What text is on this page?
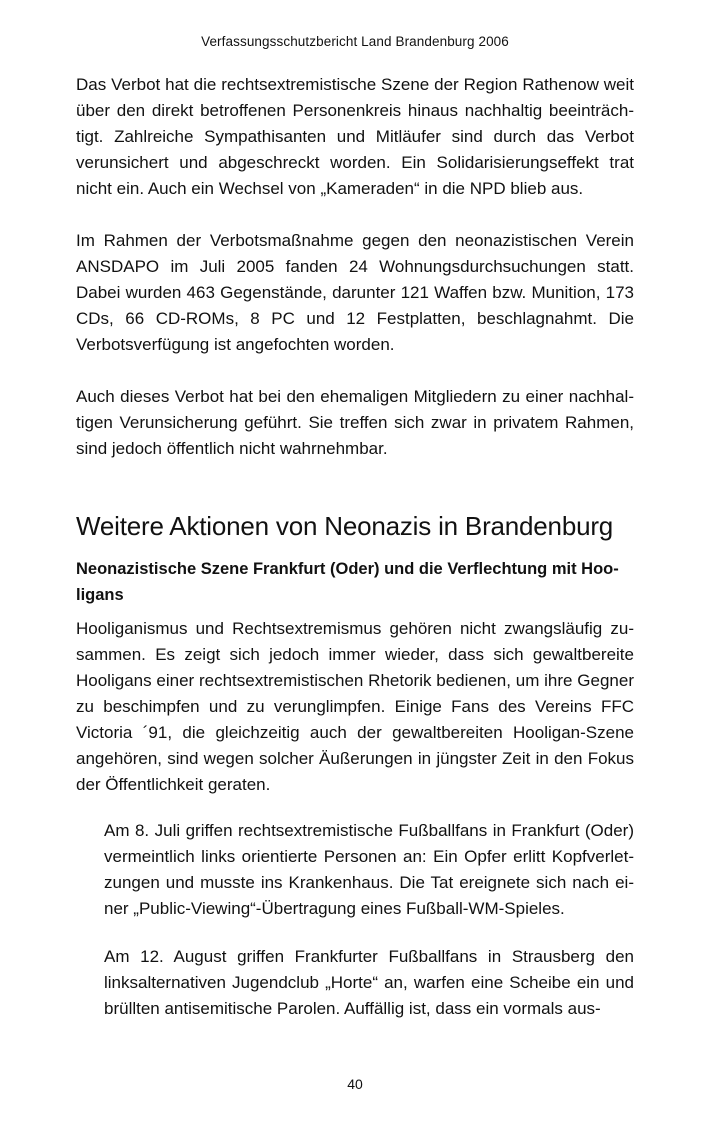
Verfassungsschutzbericht Land Brandenburg 2006

Das Verbot hat die rechtsextremistische Szene der Region Rathenow weit über den direkt betroffenen Personenkreis hinaus nachhaltig beeinträchtigt. Zahlreiche Sympathisanten und Mitläufer sind durch das Verbot verunsichert und abgeschreckt worden. Ein Solidarisierungseffekt trat nicht ein. Auch ein Wechsel von „Kameraden“ in die NPD blieb aus.

Im Rahmen der Verbotsmaßnahme gegen den neonazistischen Verein ANSDAPO im Juli 2005 fanden 24 Wohnungsdurchsuchungen statt. Dabei wurden 463 Gegenstände, darunter 121 Waffen bzw. Munition, 173 CDs, 66 CD-ROMs, 8 PC und 12 Festplatten, beschlagnahmt. Die Verbotsverfügung ist angefochten worden.

Auch dieses Verbot hat bei den ehemaligen Mitgliedern zu einer nachhaltigen Verunsicherung geführt. Sie treffen sich zwar in privatem Rahmen, sind jedoch öffentlich nicht wahrnehmbar.

Weitere Aktionen von Neonazis in Brandenburg
Neonazistische Szene Frankfurt (Oder) und die Verflechtung mit Hooligans

Hooliganismus und Rechtsextremismus gehören nicht zwangsläufig zusammen. Es zeigt sich jedoch immer wieder, dass sich gewaltbereite Hooligans einer rechtsextremistischen Rhetorik bedienen, um ihre Gegner zu beschimpfen und zu verunglimpfen. Einige Fans des Vereins FFC Victoria ´91, die gleichzeitig auch der gewaltbereiten Hooligan-Szene angehören, sind wegen solcher Äußerungen in jüngster Zeit in den Fokus der Öffentlichkeit geraten.

Am 8. Juli griffen rechtsextremistische Fußballfans in Frankfurt (Oder) vermeintlich links orientierte Personen an: Ein Opfer erlitt Kopfverletzungen und musste ins Krankenhaus. Die Tat ereignete sich nach einer „Public-Viewing“-Übertragung eines Fußball-WM-Spieles.

Am 12. August griffen Frankfurter Fußballfans in Strausberg den linksalternativen Jugendclub „Horte“ an, warfen eine Scheibe ein und brüllten antisemitische Parolen. Auffällig ist, dass ein vormals aus-

40
